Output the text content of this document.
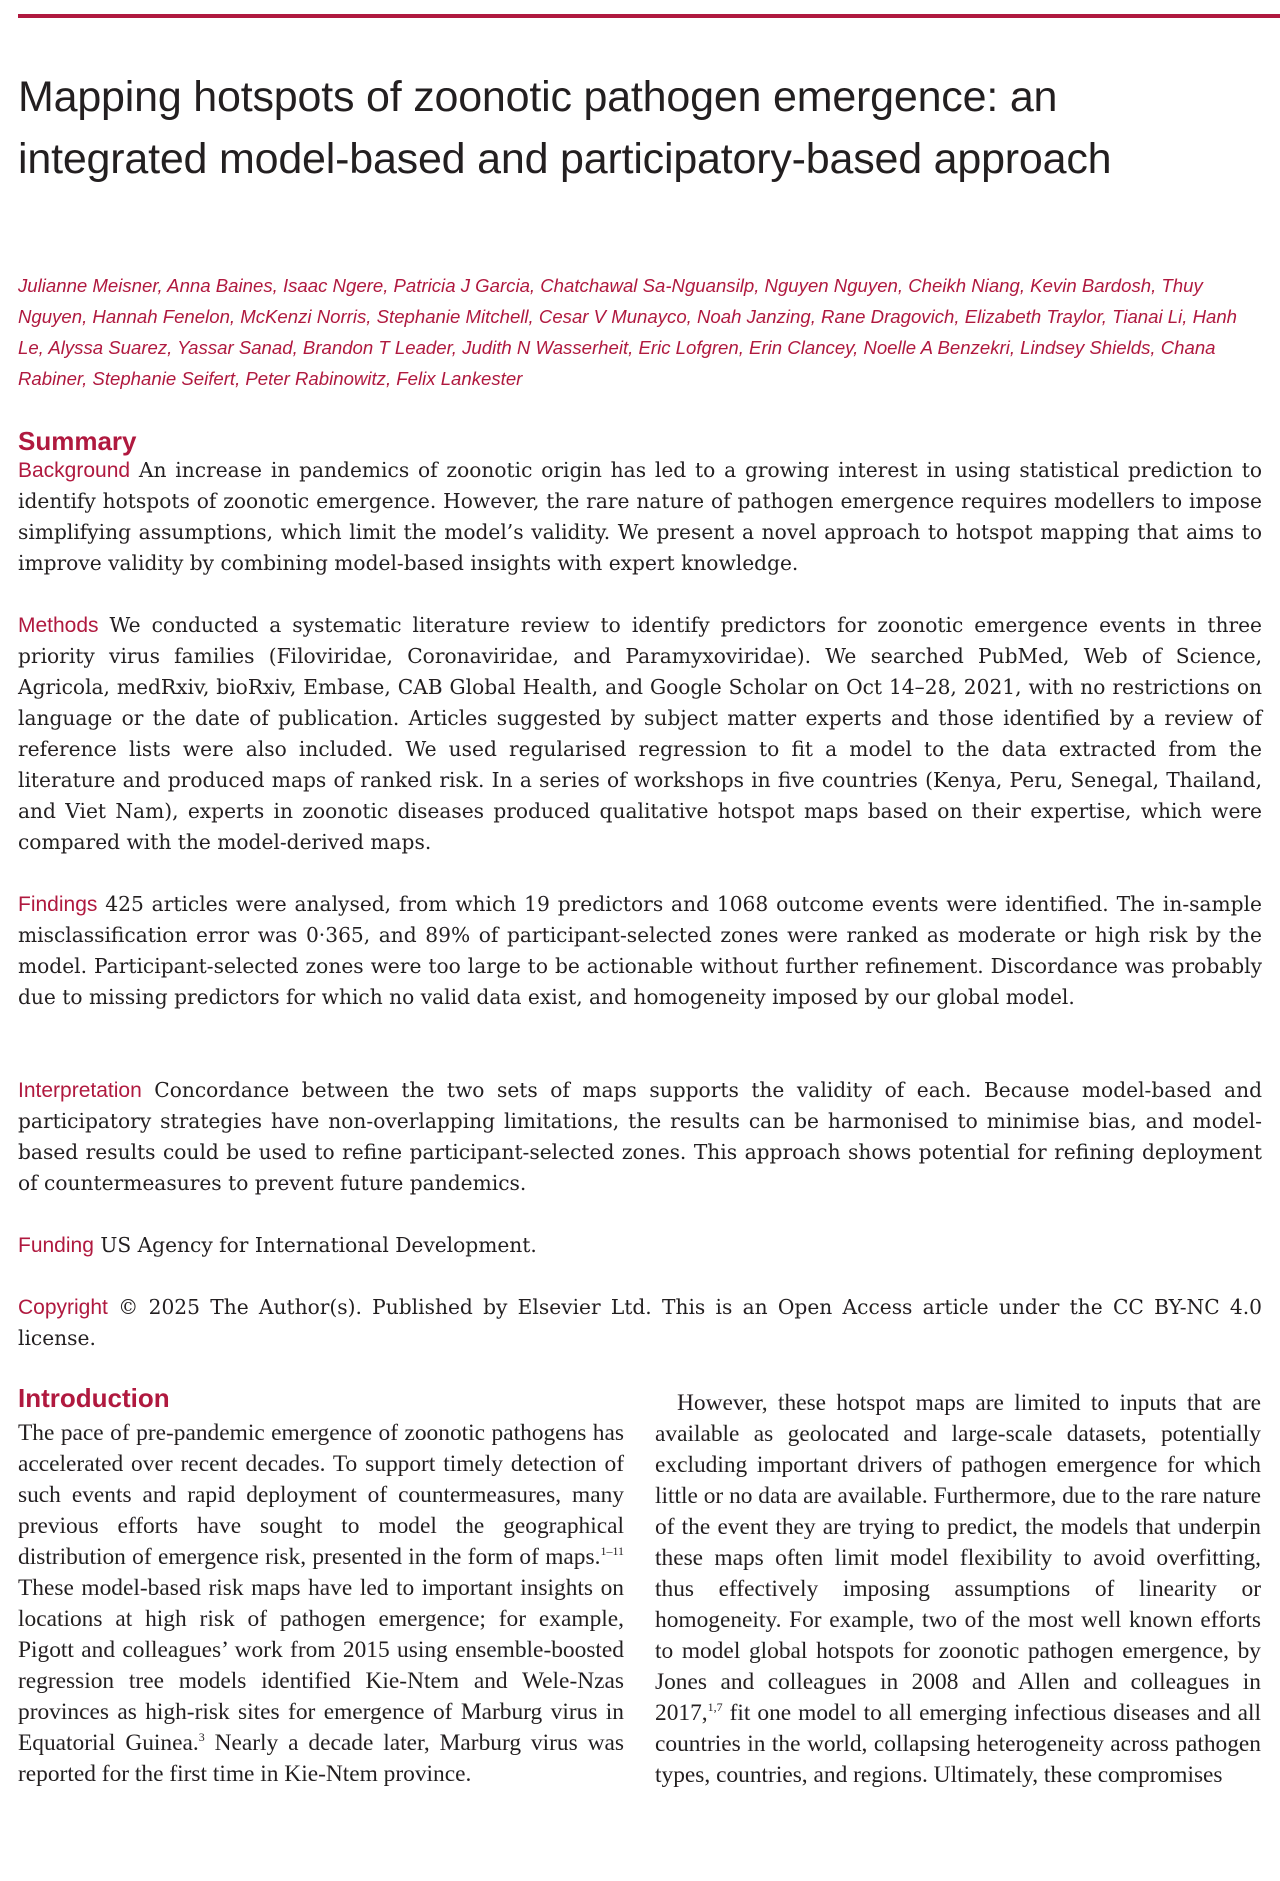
Mapping hotspots of zoonotic pathogen emergence: an integrated model-based and participatory-based approach

Julianne Meisner, Anna Baines, Isaac Ngere, Patricia J Garcia, Chatchawal Sa-Nguansilp, Nguyen Nguyen, Cheikh Niang, Kevin Bardosh, Thuy Nguyen, Hannah Fenelon, McKenzi Norris, Stephanie Mitchell, Cesar V Munayco, Noah Janzing, Rane Dragovich, Elizabeth Traylor, Tianai Li, Hanh Le, Alyssa Suarez, Yassar Sanad, Brandon T Leader, Judith N Wasserheit, Eric Lofgren, Erin Clancey, Noelle A Benzekri, Lindsey Shields, Chana Rabiner, Stephanie Seifert, Peter Rabinowitz, Felix Lankester

Summary

Background An increase in pandemics of zoonotic origin has led to a growing interest in using statistical prediction to identify hotspots of zoonotic emergence. However, the rare nature of pathogen emergence requires modellers to impose simplifying assumptions, which limit the model’s validity. We present a novel approach to hotspot mapping that aims to improve validity by combining model-based insights with expert knowledge.

Methods We conducted a systematic literature review to identify predictors for zoonotic emergence events in three priority virus families (Filoviridae, Coronaviridae, and Paramyxoviridae). We searched PubMed, Web of Science, Agricola, medRxiv, bioRxiv, Embase, CAB Global Health, and Google Scholar on Oct 14–28, 2021, with no restrictions on language or the date of publication. Articles suggested by subject matter experts and those identified by a review of reference lists were also included. We used regularised regression to fit a model to the data extracted from the literature and produced maps of ranked risk. In a series of workshops in five countries (Kenya, Peru, Senegal, Thailand, and Viet Nam), experts in zoonotic diseases produced qualitative hotspot maps based on their expertise, which were compared with the model-derived maps.

Findings 425 articles were analysed, from which 19 predictors and 1068 outcome events were identified. The in-sample misclassification error was 0·365, and 89% of participant-selected zones were ranked as moderate or high risk by the model. Participant-selected zones were too large to be actionable without further refinement. Discordance was probably due to missing predictors for which no valid data exist, and homogeneity imposed by our global model.

Interpretation Concordance between the two sets of maps supports the validity of each. Because model-based and participatory strategies have non-overlapping limitations, the results can be harmonised to minimise bias, and model-based results could be used to refine participant-selected zones. This approach shows potential for refining deployment of countermeasures to prevent future pandemics.

Funding US Agency for International Development.

Copyright © 2025 The Author(s). Published by Elsevier Ltd. This is an Open Access article under the CC BY-NC 4.0 license.

Introduction

The pace of pre-pandemic emergence of zoonotic pathogens has accelerated over recent decades. To support timely detection of such events and rapid deployment of countermeasures, many previous efforts have sought to model the geographical distribution of emergence risk, presented in the form of maps.$^{1-11}$ These model-based risk maps have led to important insights on locations at high risk of pathogen emergence; for example, Pigott and colleagues’ work from 2015 using ensemble-boosted regression tree models identified Kie-Ntem and Wele-Nzas provinces as high-risk sites for emergence of Marburg virus in Equatorial Guinea.$^3$ Nearly a decade later, Marburg virus was reported for the first time in Kie-Ntem province.

However, these hotspot maps are limited to inputs that are available as geolocated and large-scale datasets, potentially excluding important drivers of pathogen emergence for which little or no data are available. Furthermore, due to the rare nature of the event they are trying to predict, the models that underpin these maps often limit model flexibility to avoid overfitting, thus effectively imposing assumptions of linearity or homogeneity. For example, two of the most well known efforts to model global hotspots for zoonotic pathogen emergence, by Jones and colleagues in 2008 and Allen and colleagues in 2017,$^{1,7}$ fit one model to all emerging infectious diseases and all countries in the world, collapsing heterogeneity across pathogen types, countries, and regions. Ultimately, these compromises
